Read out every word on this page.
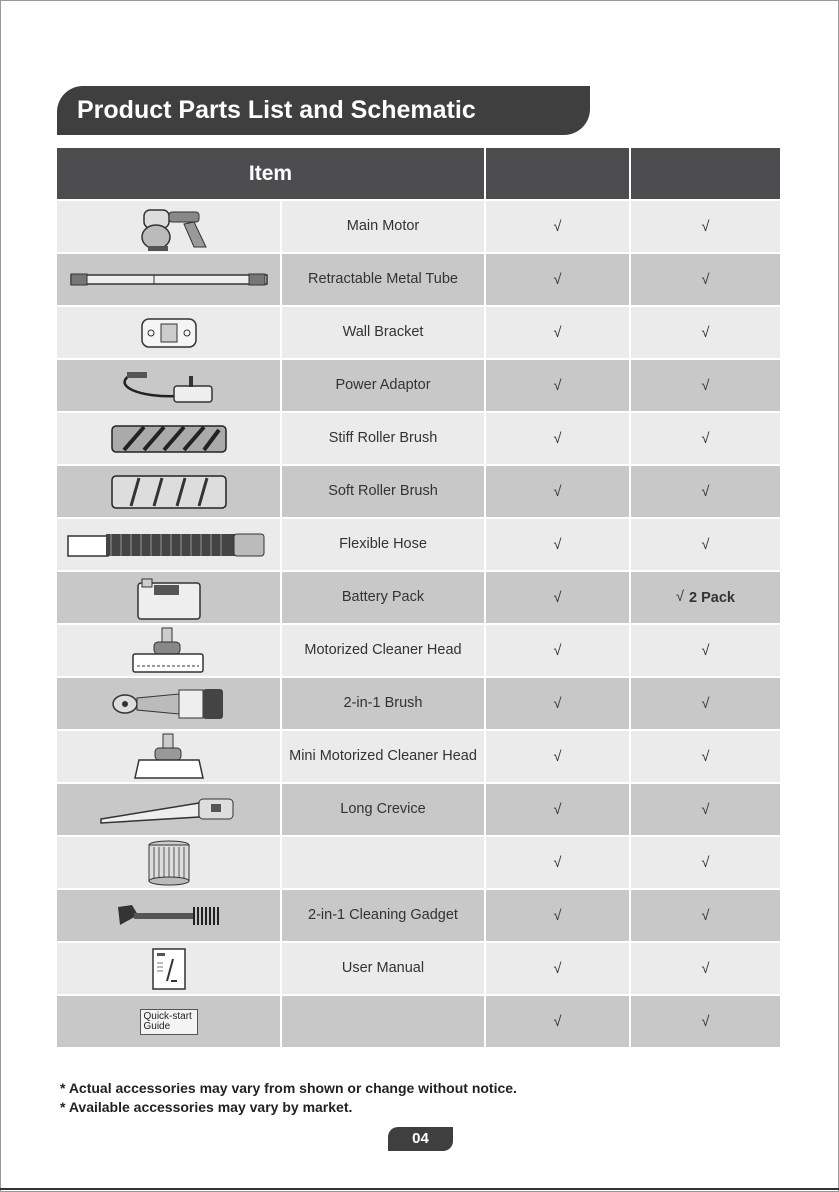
Product Parts List and Schematic
Item			

	Main Motor	√	√

	Retractable Metal Tube	√	√

	Wall Bracket	√	√

	Power Adaptor	√	√

	Stiff Roller Brush	√	√

	Soft Roller Brush	√	√

	Flexible Hose	√	√

	Battery Pack	√	√ 2 Pack

	Motorized Cleaner Head	√	√

	2-in-1 Brush	√	√

	Mini Motorized Cleaner Head	√	√

	Long Crevice	√	√

		√	√

	2-in-1 Cleaning Gadget	√	√

	User Manual	√	√
Quick-start Guide		√	√
* Actual accessories may vary from shown or change without notice.
* Available accessories may vary by market.
04
